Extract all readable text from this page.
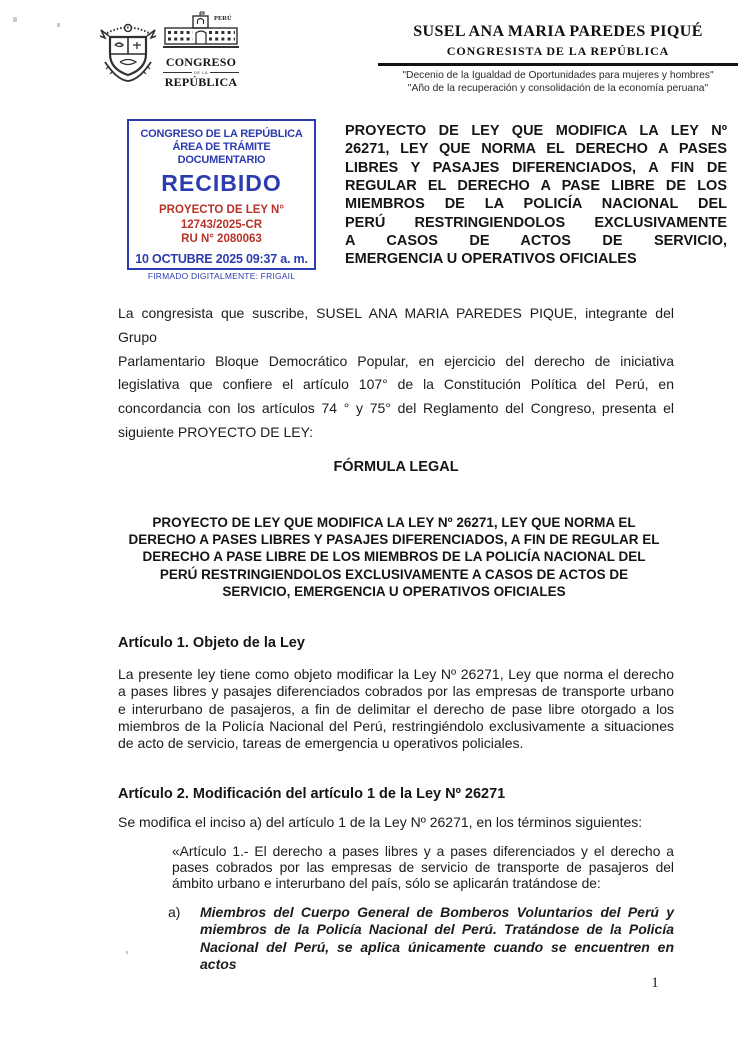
PERÚ
CONGRESO
DE LA
REPÚBLICA
SUSEL ANA MARIA PAREDES PIQUÉ
CONGRESISTA DE LA REPÚBLICA
"Decenio de la Igualdad de Oportunidades para mujeres y hombres"
"Año de la recuperación y consolidación de la economía peruana"
CONGRESO DE LA REPÚBLICA
ÁREA DE TRÁMITE DOCUMENTARIO
RECIBIDO
PROYECTO DE LEY N°
12743/2025-CR
RU N° 2080063
10 OCTUBRE 2025 09:37 a. m.
FIRMADO DIGITALMENTE: FRIGAIL
PROYECTO DE LEY QUE MODIFICA LA LEY Nº
26271, LEY QUE NORMA EL DERECHO A PASES
LIBRES Y PASAJES DIFERENCIADOS, A FIN DE
REGULAR EL DERECHO A PASE LIBRE DE LOS
MIEMBROS DE LA POLICÍA NACIONAL DEL
PERÚ RESTRINGIENDOLOS EXCLUSIVAMENTE
A CASOS DE ACTOS DE SERVICIO,
EMERGENCIA U OPERATIVOS OFICIALES
La congresista que suscribe, SUSEL ANA MARIA PAREDES PIQUE, integrante del Grupo
Parlamentario Bloque Democrático Popular, en ejercicio del derecho de iniciativa
legislativa que confiere el artículo 107° de la Constitución Política del Perú, en
concordancia con los artículos 74 ° y 75° del Reglamento del Congreso, presenta el
siguiente PROYECTO DE LEY:
FÓRMULA LEGAL
PROYECTO DE LEY QUE MODIFICA LA LEY Nº 26271, LEY QUE NORMA EL
DERECHO A PASES LIBRES Y PASAJES DIFERENCIADOS, A FIN DE REGULAR EL
DERECHO A PASE LIBRE DE LOS MIEMBROS DE LA POLICÍA NACIONAL DEL
PERÚ RESTRINGIENDOLOS EXCLUSIVAMENTE A CASOS DE ACTOS DE
SERVICIO, EMERGENCIA U OPERATIVOS OFICIALES
Artículo 1. Objeto de la Ley
La presente ley tiene como objeto modificar la Ley Nº 26271, Ley que norma el derecho
a pases libres y pasajes diferenciados cobrados por las empresas de transporte urbano
e interurbano de pasajeros, a fin de delimitar el derecho de pase libre otorgado a los
miembros de la Policía Nacional del Perú, restringiéndolo exclusivamente a situaciones
de acto de servicio, tareas de emergencia u operativos policiales.
Artículo 2. Modificación del artículo 1 de la Ley Nº 26271
Se modifica el inciso a) del artículo 1 de la Ley Nº 26271, en los términos siguientes:
«Artículo 1.- El derecho a pases libres y a pases diferenciados y el derecho a
pases cobrados por las empresas de servicio de transporte de pasajeros del
ámbito urbano e interurbano del país, sólo se aplicarán tratándose de:
a)	Miembros del Cuerpo General de Bomberos Voluntarios del Perú y
miembros de la Policía Nacional del Perú. Tratándose de la Policía
Nacional del Perú, se aplica únicamente cuando se encuentren en actos
1
